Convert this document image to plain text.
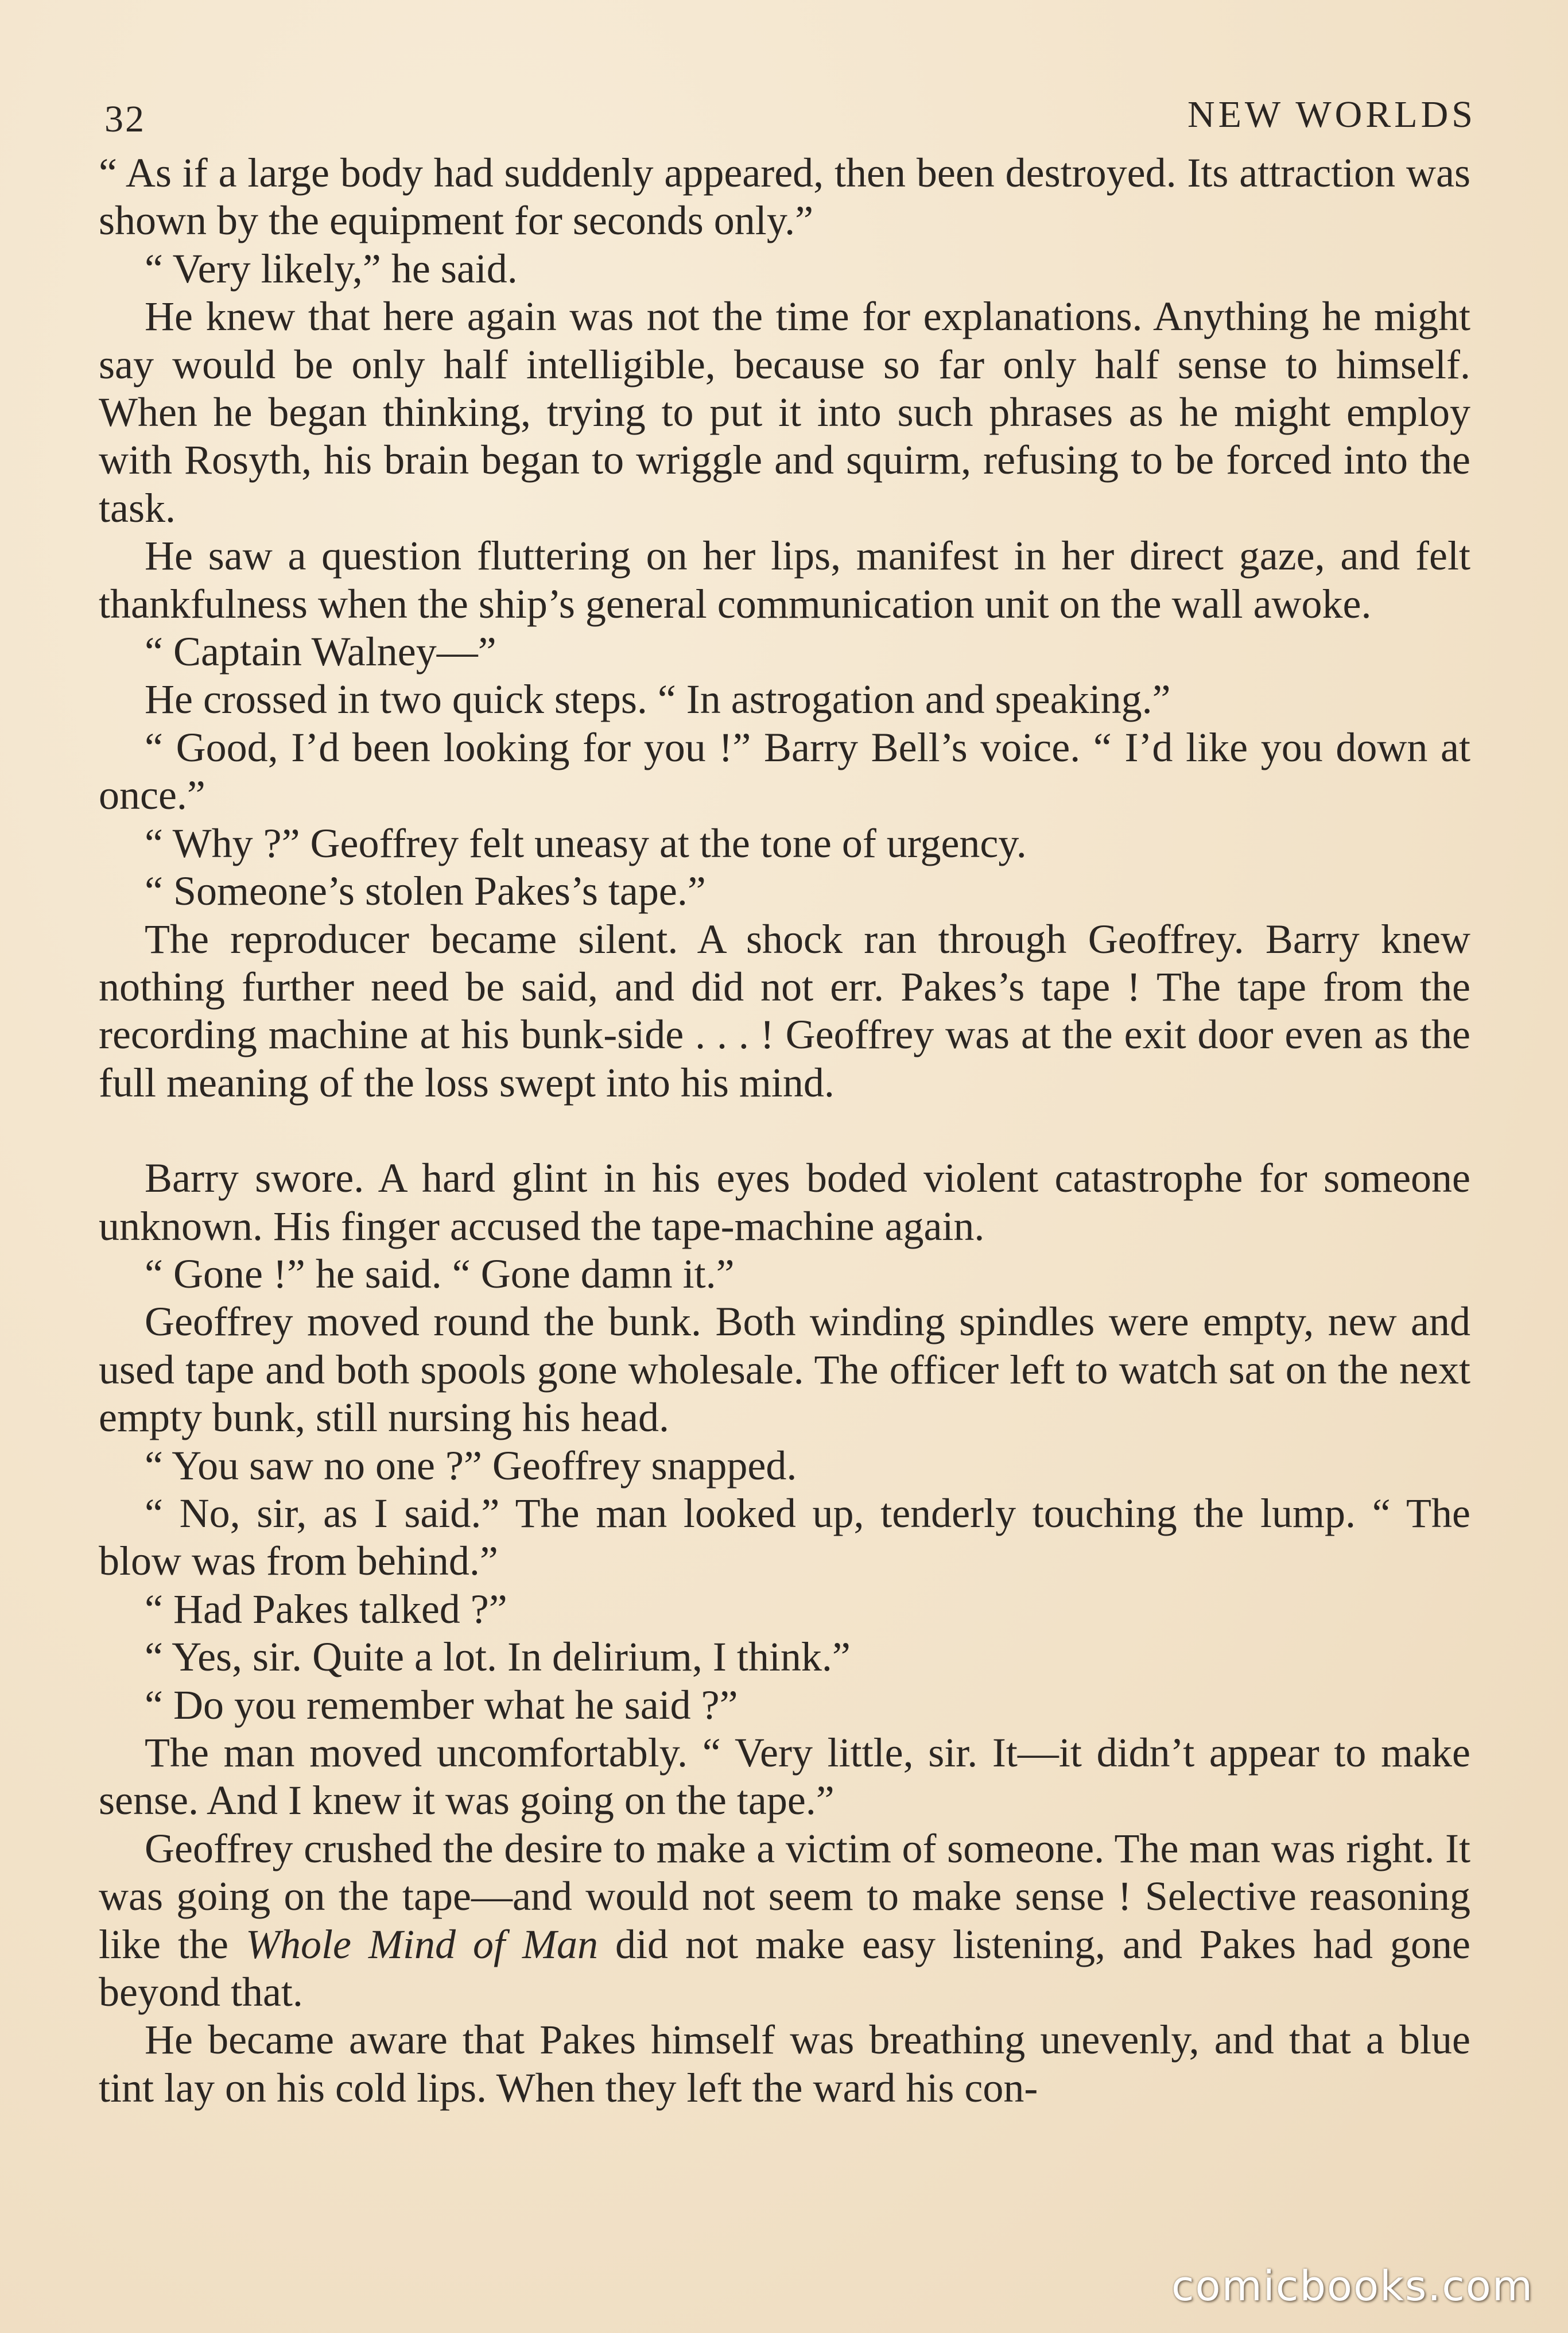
32	NEW WORLDS

“ As if a large body had suddenly appeared, then been destroyed. Its attraction was shown by the equipment for seconds only.”

“ Very likely,” he said.

He knew that here again was not the time for explanations. Anything he might say would be only half intelligible, because so far only half sense to himself. When he began thinking, trying to put it into such phrases as he might employ with Rosyth, his brain began to wriggle and squirm, refusing to be forced into the task.

He saw a question fluttering on her lips, manifest in her direct gaze, and felt thankfulness when the ship’s general communication unit on the wall awoke.

“ Captain Walney—”

He crossed in two quick steps. “ In astrogation and speaking.”

“ Good, I’d been looking for you !” Barry Bell’s voice. “ I’d like you down at once.”

“ Why ?” Geoffrey felt uneasy at the tone of urgency.

“ Someone’s stolen Pakes’s tape.”

The reproducer became silent. A shock ran through Geoffrey. Barry knew nothing further need be said, and did not err. Pakes’s tape ! The tape from the recording machine at his bunk-side . . . ! Geoffrey was at the exit door even as the full meaning of the loss swept into his mind.

Barry swore. A hard glint in his eyes boded violent catastrophe for someone unknown. His finger accused the tape-machine again.

“ Gone !” he said. “ Gone damn it.”

Geoffrey moved round the bunk. Both winding spindles were empty, new and used tape and both spools gone wholesale. The officer left to watch sat on the next empty bunk, still nursing his head.

“ You saw no one ?” Geoffrey snapped.

“ No, sir, as I said.” The man looked up, tenderly touching the lump. “ The blow was from behind.”

“ Had Pakes talked ?”

“ Yes, sir. Quite a lot. In delirium, I think.”

“ Do you remember what he said ?”

The man moved uncomfortably. “ Very little, sir. It—it didn’t appear to make sense. And I knew it was going on the tape.”

Geoffrey crushed the desire to make a victim of someone. The man was right. It was going on the tape—and would not seem to make sense ! Selective reasoning like the Whole Mind of Man did not make easy listening, and Pakes had gone beyond that.

He became aware that Pakes himself was breathing unevenly, and that a blue tint lay on his cold lips. When they left the ward his con-

comicbooks.com
